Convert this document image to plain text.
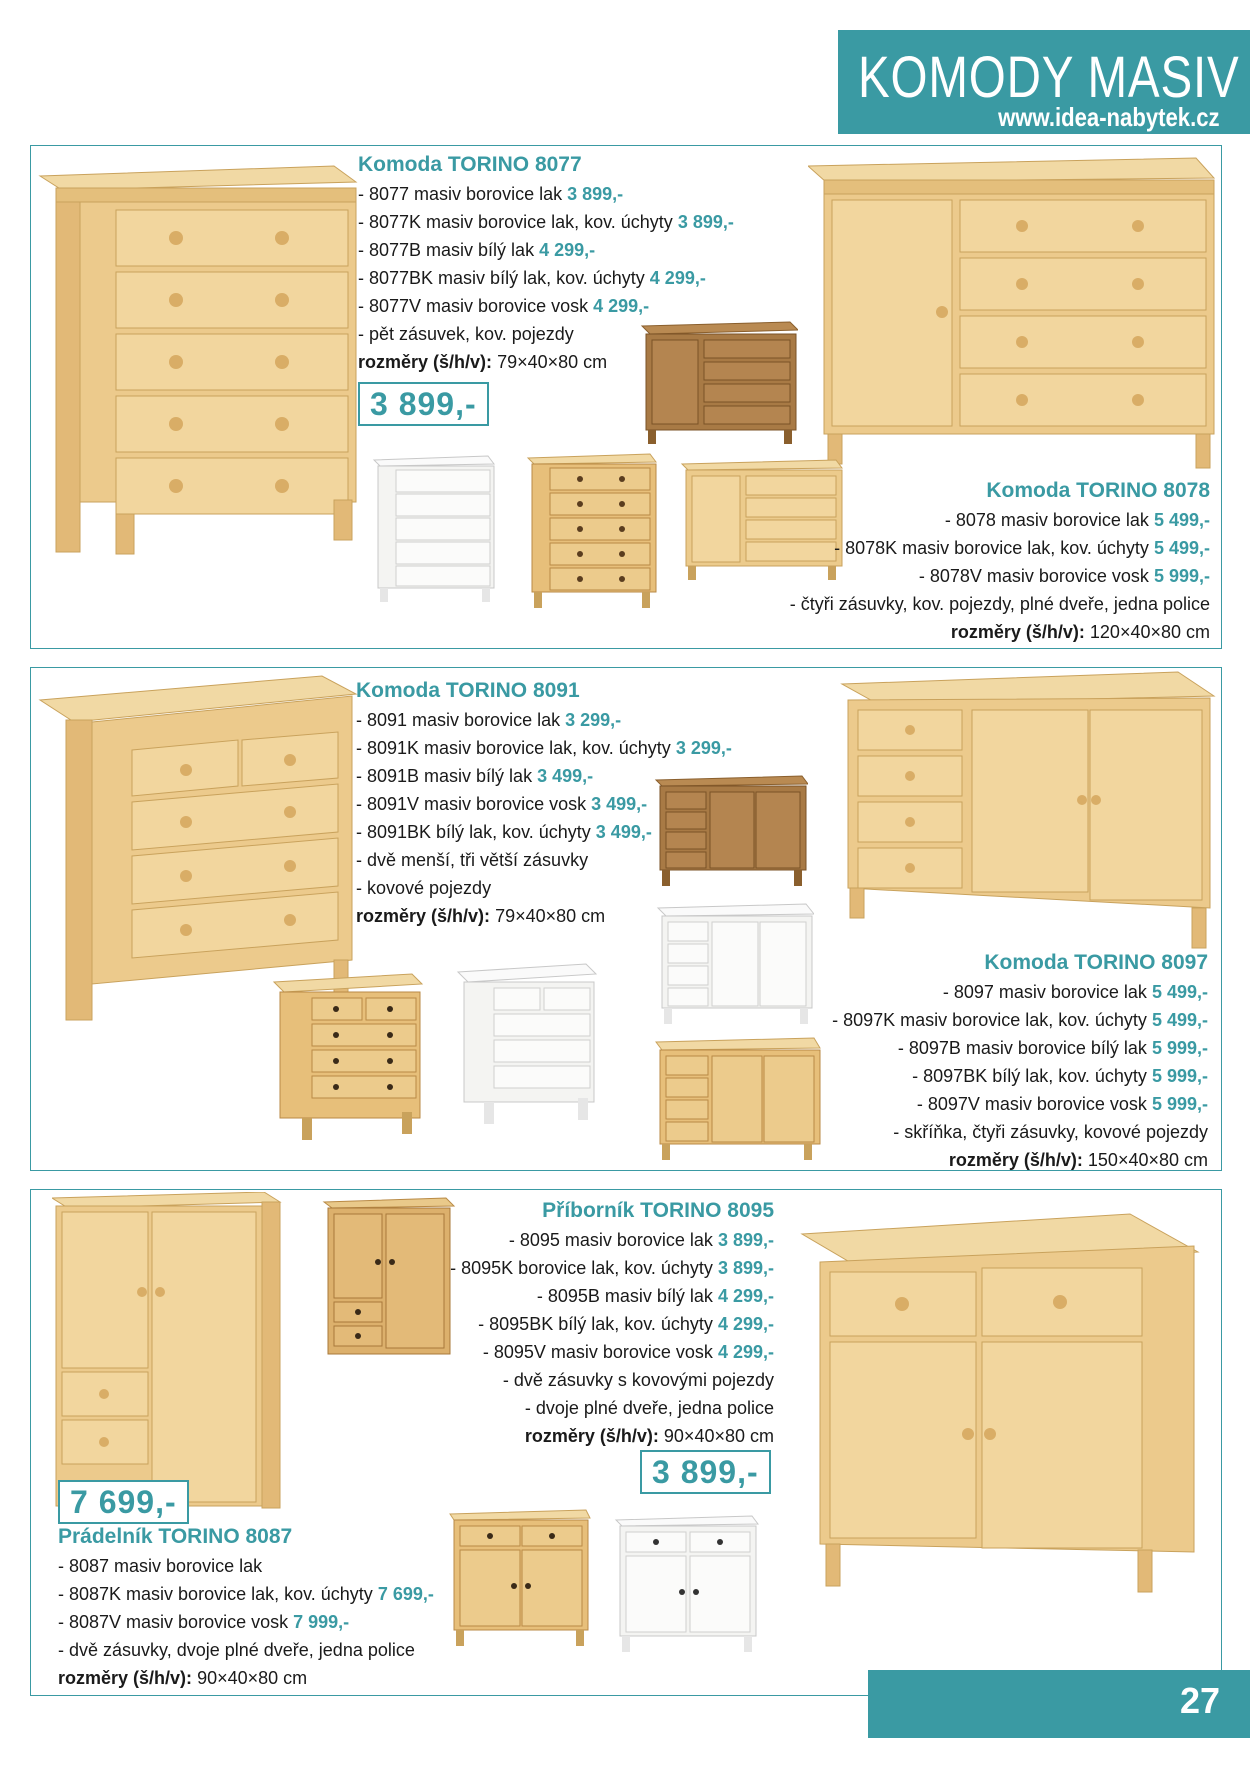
KOMODY MASIV
www.idea-nabytek.cz
Komoda TORINO 8077
- 8077 masiv borovice lak 3 899,-
- 8077K masiv borovice lak, kov. úchyty 3 899,-
- 8077B masiv bílý lak 4 299,-
- 8077BK masiv bílý lak, kov. úchyty 4 299,-
- 8077V masiv borovice vosk 4 299,-
- pět zásuvek, kov. pojezdy
rozměry (š/h/v): 79×40×80 cm
3 899,-
Komoda TORINO 8078
- 8078 masiv borovice lak 5 499,-
- 8078K masiv borovice lak, kov. úchyty 5 499,-
- 8078V masiv borovice vosk 5 999,-
- čtyři zásuvky, kov. pojezdy, plné dveře, jedna police
rozměry (š/h/v): 120×40×80 cm
Komoda TORINO 8091
- 8091 masiv borovice lak 3 299,-
- 8091K masiv borovice lak, kov. úchyty 3 299,-
- 8091B masiv bílý lak 3 499,-
- 8091V masiv borovice vosk 3 499,-
- 8091BK bílý lak, kov. úchyty 3 499,-
- dvě menší, tři větší zásuvky
- kovové pojezdy
rozměry (š/h/v): 79×40×80 cm
Komoda TORINO 8097
- 8097 masiv borovice lak 5 499,-
- 8097K masiv borovice lak, kov. úchyty 5 499,-
- 8097B masiv borovice bílý lak 5 999,-
- 8097BK bílý lak, kov. úchyty 5 999,-
- 8097V masiv borovice vosk 5 999,-
- skříňka, čtyři zásuvky, kovové pojezdy
rozměry (š/h/v): 150×40×80 cm
Příborník TORINO 8095
- 8095 masiv borovice lak 3 899,-
- 8095K borovice lak, kov. úchyty 3 899,-
- 8095B masiv bílý lak 4 299,-
- 8095BK bílý lak, kov. úchyty 4 299,-
- 8095V masiv borovice vosk 4 299,-
- dvě zásuvky s kovovými pojezdy
- dvoje plné dveře, jedna police
rozměry (š/h/v): 90×40×80 cm
3 899,-
7 699,-
Prádelník TORINO 8087
- 8087 masiv borovice lak
- 8087K masiv borovice lak, kov. úchyty 7 699,-
- 8087V masiv borovice vosk 7 999,-
- dvě zásuvky, dvoje plné dveře, jedna police
rozměry (š/h/v): 90×40×80 cm
27
